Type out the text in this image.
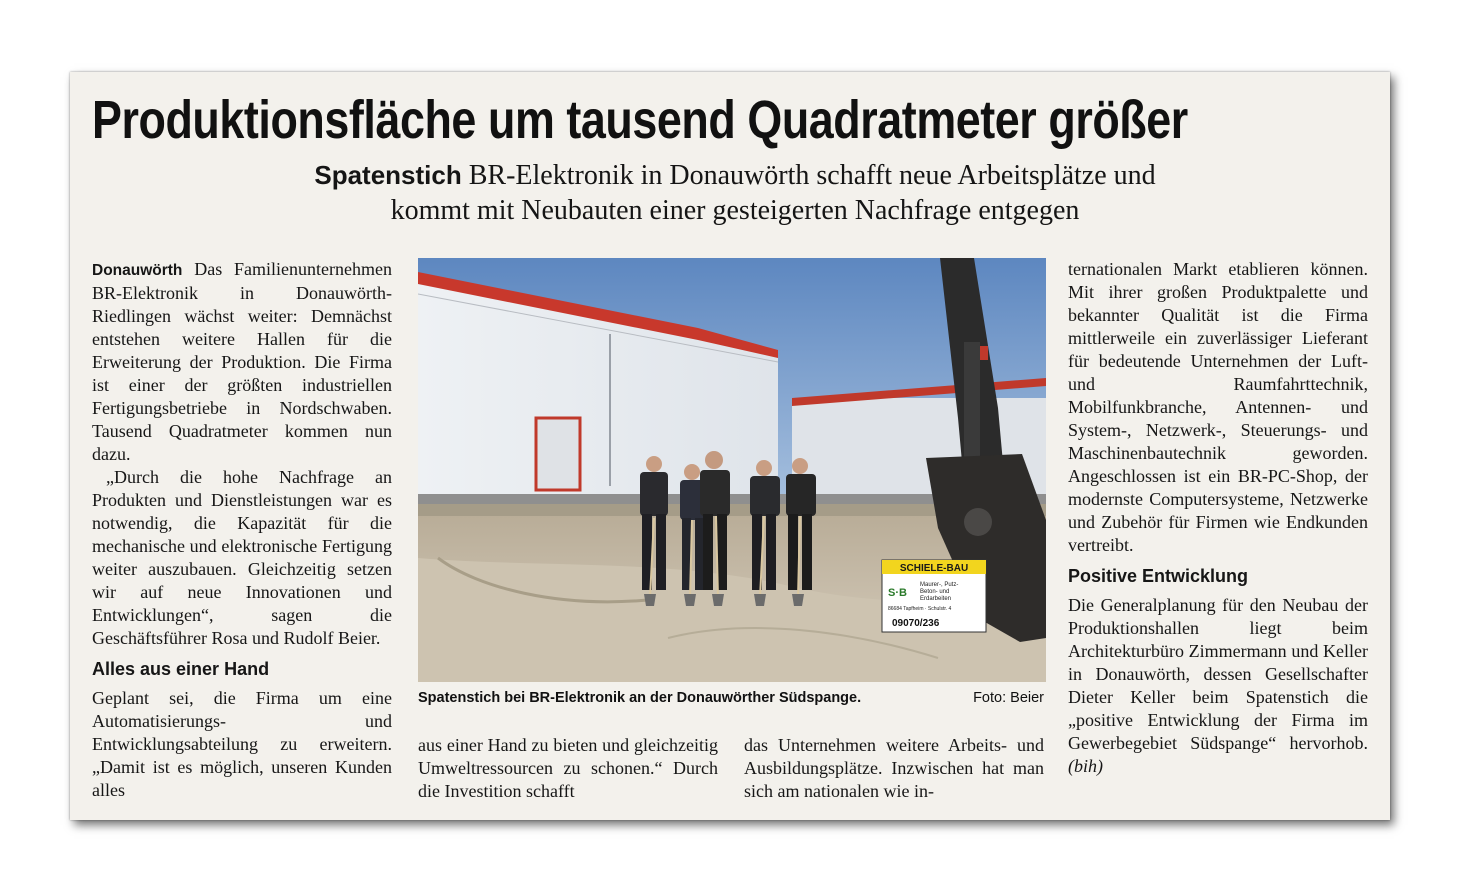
Produktionsfläche um tausend Quadratmeter größer
Spatenstich BR-Elektronik in Donauwörth schafft neue Arbeitsplätze und
kommt mit Neubauten einer gesteigerten Nachfrage entgegen

Donauwörth Das Familienunternehmen BR-Elektronik in Donauwörth-Riedlingen wächst weiter: Demnächst entstehen weitere Hallen für die Erweiterung der Produktion. Die Firma ist einer der größten industriellen Fertigungsbetriebe in Nordschwaben. Tausend Quadratmeter kommen nun dazu.

„Durch die hohe Nachfrage an Produkten und Dienstleistungen war es notwendig, die Kapazität für die mechanische und elektronische Fertigung weiter auszubauen. Gleichzeitig setzen wir auf neue Innovationen und Entwicklungen“, sagen die Geschäftsführer Rosa und Rudolf Beier.

Alles aus einer Hand

Geplant sei, die Firma um eine Automatisierungs- und Entwicklungsabteilung zu erweitern. „Damit ist es möglich, unseren Kunden alles

SCHIELE-BAU
S·B
Maurer-, Putz-
Beton- und
Erdarbeiten
86684 Tapfheim · Schulstr. 4
09070/236
Spatenstich bei BR-Elektronik an der Donauwörther Südspange.	Foto: Beier

aus einer Hand zu bieten und gleichzeitig Umweltressourcen zu schonen.“ Durch die Investition schafft

das Unternehmen weitere Arbeits- und Ausbildungsplätze. Inzwischen hat man sich am nationalen wie in-

ternationalen Markt etablieren können. Mit ihrer großen Produktpalette und bekannter Qualität ist die Firma mittlerweile ein zuverlässiger Lieferant für bedeutende Unternehmen der Luft- und Raumfahrttechnik, Mobilfunkbranche, Antennen- und System-, Netzwerk-, Steuerungs- und Maschinenbautechnik geworden. Angeschlossen ist ein BR-PC-Shop, der modernste Computersysteme, Netzwerke und Zubehör für Firmen wie Endkunden vertreibt.

Positive Entwicklung

Die Generalplanung für den Neubau der Produktionshallen liegt beim Architekturbüro Zimmermann und Keller in Donauwörth, dessen Gesellschafter Dieter Keller beim Spatenstich die „positive Entwicklung der Firma im Gewerbegebiet Südspange“ hervorhob. (bih)
